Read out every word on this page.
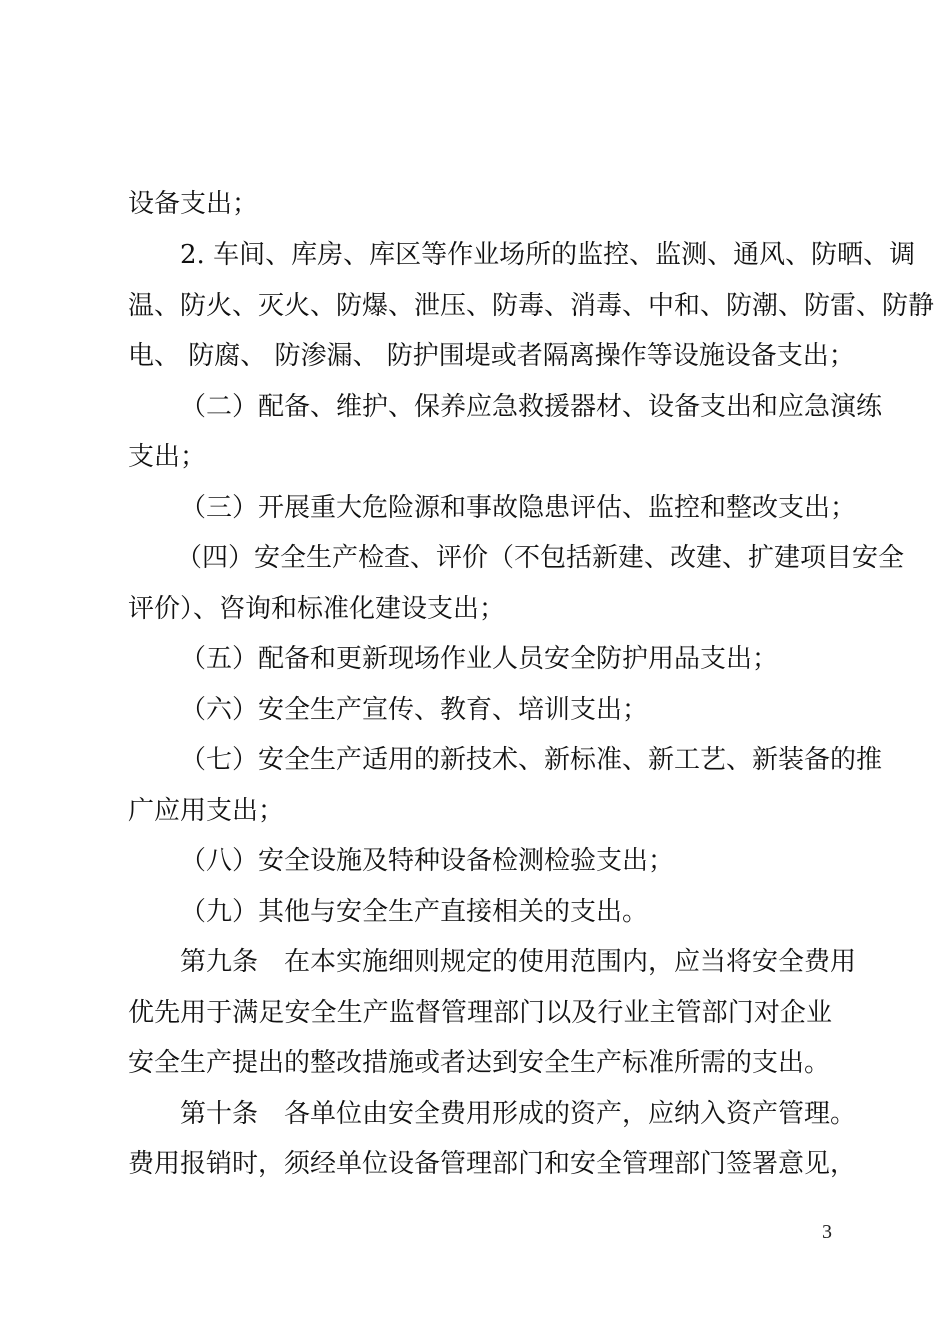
设备支出；
2. 车间、库房、库区等作业场所的监控、监测、通风、防晒、调
温、防火、灭火、防爆、泄压、防毒、消毒、中和、防潮、防雷、防静
电、 防腐、 防渗漏、 防护围堤或者隔离操作等设施设备支出；
（二）配备、维护、保养应急救援器材、设备支出和应急演练
支出；
（三）开展重大危险源和事故隐患评估、监控和整改支出；
（四）安全生产检查、评价（不包括新建、改建、扩建项目安全
评价）、咨询和标准化建设支出；
（五）配备和更新现场作业人员安全防护用品支出；
（六）安全生产宣传、教育、培训支出；
（七）安全生产适用的新技术、新标准、新工艺、新装备的推
广应用支出；
（八）安全设施及特种设备检测检验支出；
（九）其他与安全生产直接相关的支出。
第九条　在本实施细则规定的使用范围内，应当将安全费用
优先用于满足安全生产监督管理部门以及行业主管部门对企业
安全生产提出的整改措施或者达到安全生产标准所需的支出。
第十条　各单位由安全费用形成的资产，应纳入资产管理。
费用报销时，须经单位设备管理部门和安全管理部门签署意见，
3
